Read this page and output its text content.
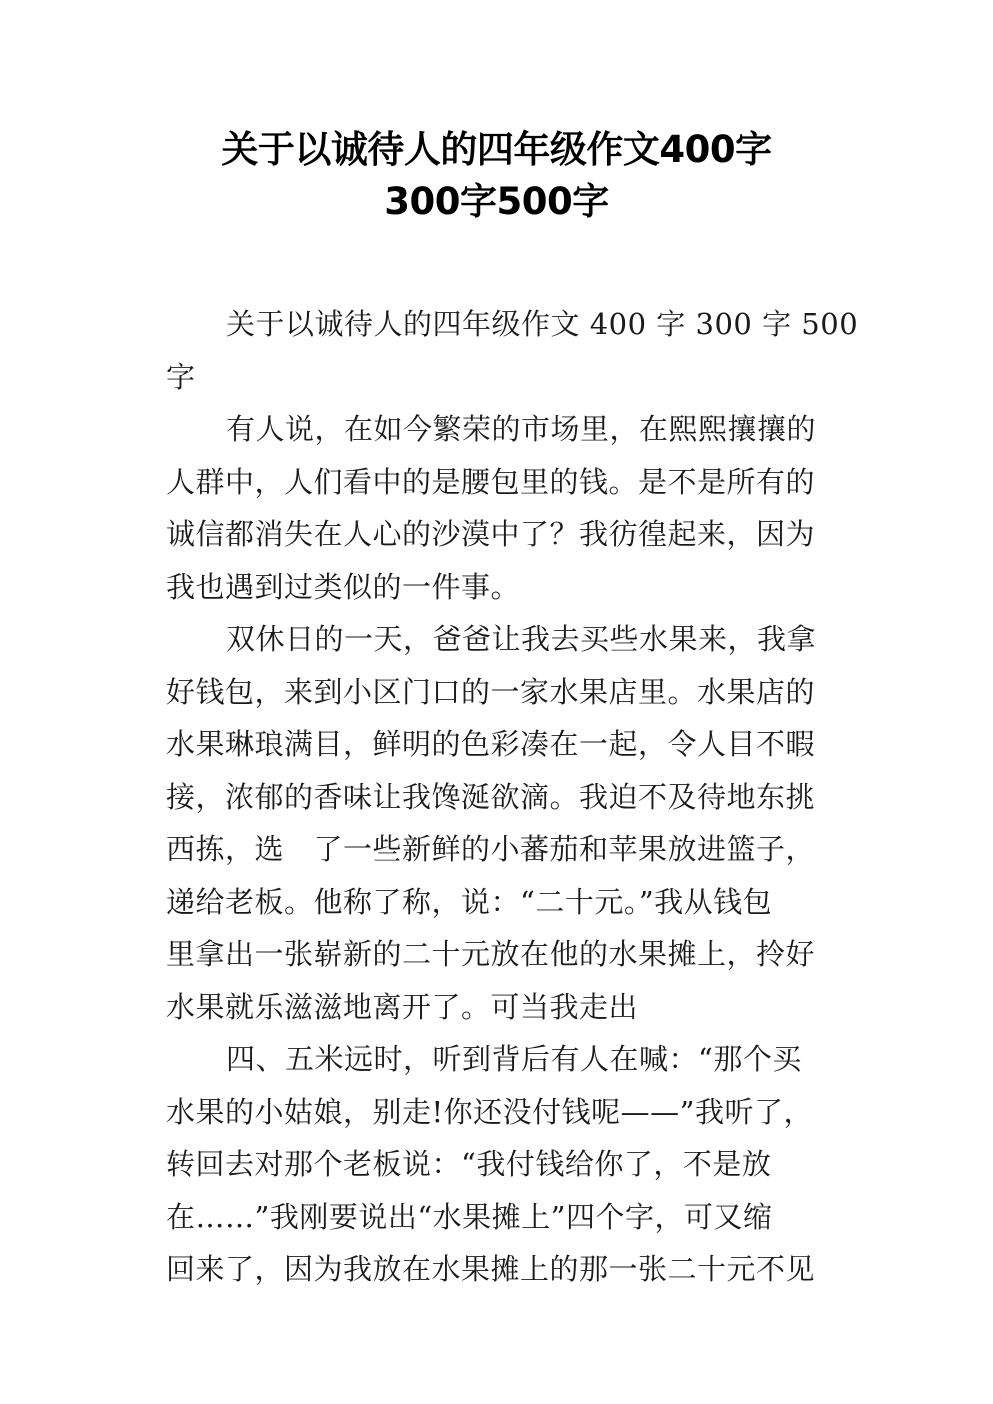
关于以诚待人的四年级作文400字
300字500字
关于以诚待人的四年级作文 400 字 300 字 500
字
有人说，在如今繁荣的市场里，在熙熙攘攘的
人群中，人们看中的是腰包里的钱。是不是所有的
诚信都消失在人心的沙漠中了？我彷徨起来，因为
我也遇到过类似的一件事。
双休日的一天，爸爸让我去买些水果来，我拿
好钱包，来到小区门口的一家水果店里。水果店的
水果琳琅满目，鲜明的色彩凑在一起，令人目不暇
接，浓郁的香味让我馋涎欲滴。我迫不及待地东挑
西拣，选　了一些新鲜的小蕃茄和苹果放进篮子，
递给老板。他称了称，说：“二十元。”我从钱包
里拿出一张崭新的二十元放在他的水果摊上，拎好
水果就乐滋滋地离开了。可当我走出
四、五米远时，听到背后有人在喊：“那个买
水果的小姑娘，别走!你还没付钱呢——”我听了，
转回去对那个老板说：“我付钱给你了，不是放
在……”我刚要说出“水果摊上”四个字，可又缩
回来了，因为我放在水果摊上的那一张二十元不见
